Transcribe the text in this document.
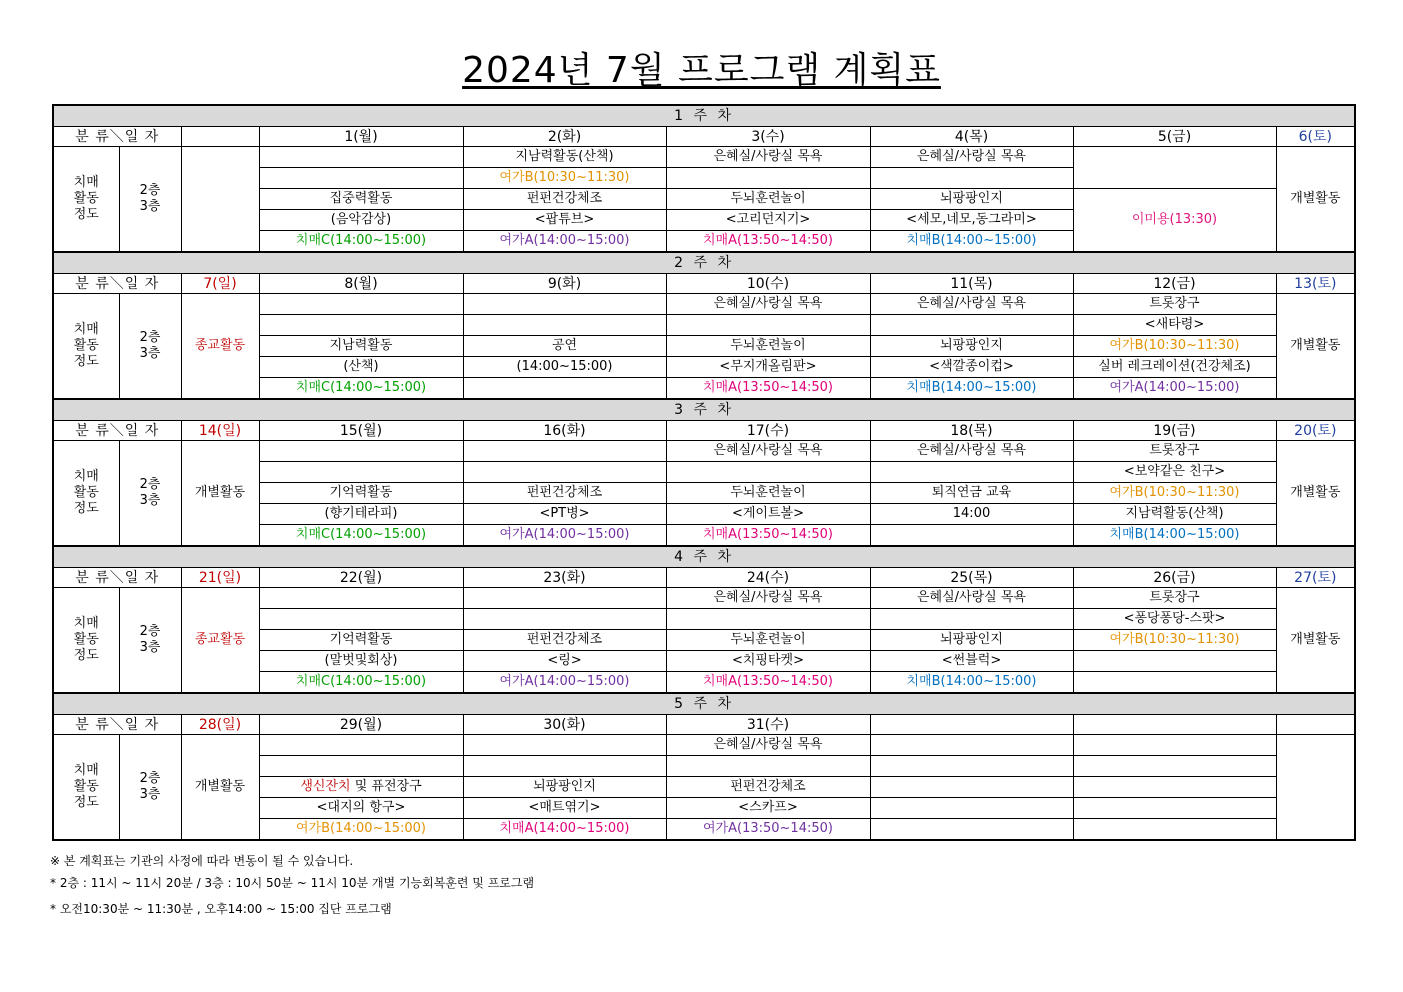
2024년 7월 프로그램 계획표
1 주 차								
분 류＼일 자			1(월)	2(화)	3(수)	4(목)	5(금)	6(토)
치매
활동
정도	2층
3층			지남력활동(산책)	은혜실/사랑실 목욕	은혜실/사랑실 목욕		개별활동
				여가B(10:30~11:30)				
			집중력활동	펀펀건강체조	두뇌훈련놀이	뇌팡팡인지	이미용(13:30)	
			(음악감상)	<팝튜브>	<고리던지기>	<세모,네모,동그라미>		
			치매C(14:00~15:00)	여가A(14:00~15:00)	치매A(13:50~14:50)	치매B(14:00~15:00)		
2 주 차								
분 류＼일 자		7(일)	8(월)	9(화)	10(수)	11(목)	12(금)	13(토)
치매
활동
정도	2층
3층	종교활동			은혜실/사랑실 목욕	은혜실/사랑실 목욕	트롯장구	개별활동
							<새타령>	
			지남력활동	공연	두뇌훈련놀이	뇌팡팡인지	여가B(10:30~11:30)	
			(산책)	(14:00~15:00)	<무지개올림판>	<색깔종이컵>	실버 레크레이션(건강체조)	
			치매C(14:00~15:00)		치매A(13:50~14:50)	치매B(14:00~15:00)	여가A(14:00~15:00)	
3 주 차								
분 류＼일 자		14(일)	15(월)	16(화)	17(수)	18(목)	19(금)	20(토)
치매
활동
정도	2층
3층	개별활동			은혜실/사랑실 목욕	은혜실/사랑실 목욕	트롯장구	개별활동
							<보약같은 친구>	
			기억력활동	펀펀건강체조	두뇌훈련놀이	퇴직연금 교육	여가B(10:30~11:30)	
			(향기테라피)	<PT병>	<게이트볼>	14:00	지남력활동(산책)	
			치매C(14:00~15:00)	여가A(14:00~15:00)	치매A(13:50~14:50)		치매B(14:00~15:00)	
4 주 차								
분 류＼일 자		21(일)	22(월)	23(화)	24(수)	25(목)	26(금)	27(토)
치매
활동
정도	2층
3층	종교활동			은혜실/사랑실 목욕	은혜실/사랑실 목욕	트롯장구	개별활동
							<퐁당퐁당-스팟>	
			기억력활동	펀펀건강체조	두뇌훈련놀이	뇌팡팡인지	여가B(10:30~11:30)	
			(말벗및회상)	<링>	<치핑타켓>	<썬블럭>		
			치매C(14:00~15:00)	여가A(14:00~15:00)	치매A(13:50~14:50)	치매B(14:00~15:00)		
5 주 차								
분 류＼일 자		28(일)	29(월)	30(화)	31(수)			
치매
활동
정도	2층
3층	개별활동			은혜실/사랑실 목욕			

			생신잔치 및 퓨전장구	뇌팡팡인지	펀펀건강체조			
			<대지의 항구>	<매트엮기>	<스카프>			
			여가B(14:00~15:00)	치매A(14:00~15:00)	여가A(13:50~14:50)			
※ 본 계획표는 기관의 사정에 따라 변동이 될 수 있습니다.
* 2층 : 11시 ~ 11시 20분 / 3층 : 10시 50분 ~ 11시 10분 개별 기능회복훈련 및 프로그램
* 오전10:30분 ~ 11:30분 , 오후14:00 ~ 15:00 집단 프로그램
